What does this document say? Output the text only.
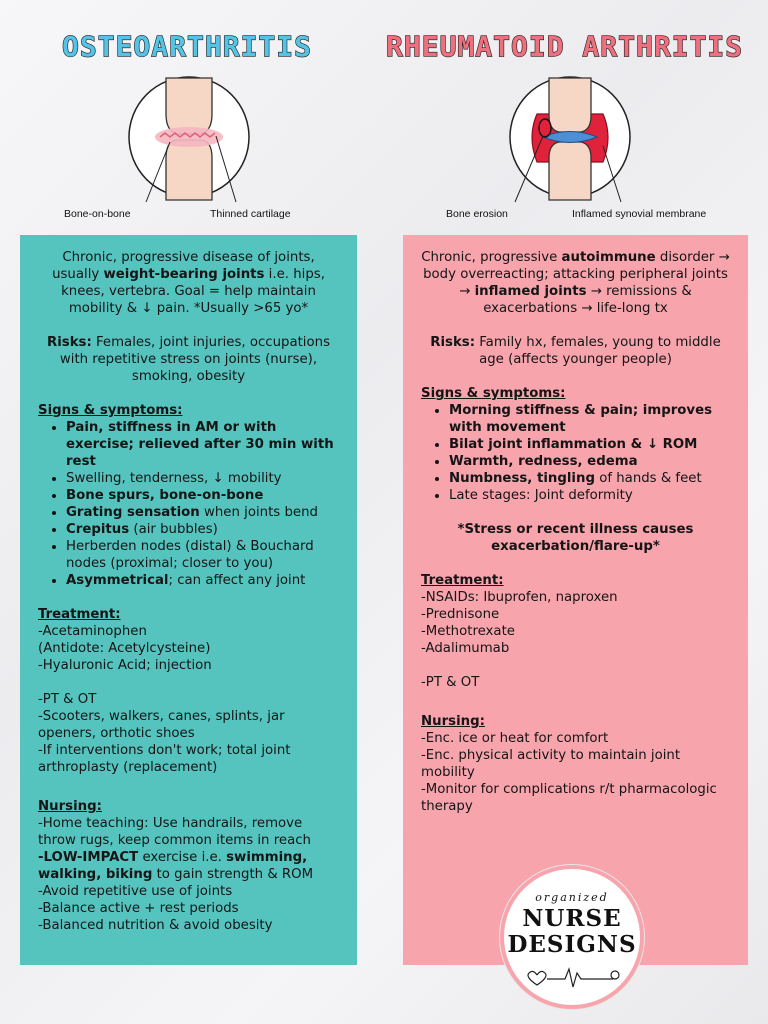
OSTEOARTHRITIS	RHEUMATOID ARTHRITIS

Bone-on-bone	Thinned cartilage	Bone erosion	Inflamed synovial membrane

Chronic, progressive disease of joints, usually weight-bearing joints i.e. hips, knees, vertebra. Goal = help maintain mobility & ↓ pain. *Usually >65 yo*

Risks: Females, joint injuries, occupations with repetitive stress on joints (nurse), smoking, obesity

Signs & symptoms:

• Pain, stiffness in AM or with exercise; relieved after 30 min with rest
• Swelling, tenderness, ↓ mobility
• Bone spurs, bone-on-bone
• Grating sensation when joints bend
• Crepitus (air bubbles)
• Herberden nodes (distal) & Bouchard nodes (proximal; closer to you)
• Asymmetrical; can affect any joint

Treatment:

-Acetaminophen

(Antidote: Acetylcysteine)

-Hyaluronic Acid; injection

-PT & OT

-Scooters, walkers, canes, splints, jar openers, orthotic shoes

-If interventions don't work; total joint arthroplasty (replacement)

Nursing:

-Home teaching: Use handrails, remove throw rugs, keep common items in reach

-LOW-IMPACT exercise i.e. swimming, walking, biking to gain strength & ROM

-Avoid repetitive use of joints

-Balance active + rest periods

-Balanced nutrition & avoid obesity

Chronic, progressive autoimmune disorder → body overreacting; attacking peripheral joints → inflamed joints → remissions & exacerbations → life-long tx

Risks: Family hx, females, young to middle age (affects younger people)

Signs & symptoms:

• Morning stiffness & pain; improves with movement
• Bilat joint inflammation & ↓ ROM
• Warmth, redness, edema
• Numbness, tingling of hands & feet
• Late stages: Joint deformity

*Stress or recent illness causes exacerbation/flare-up*

Treatment:

-NSAIDs: Ibuprofen, naproxen

-Prednisone

-Methotrexate

-Adalimumab

-PT & OT

Nursing:

-Enc. ice or heat for comfort

-Enc. physical activity to maintain joint mobility

-Monitor for complications r/t pharmacologic therapy

organized
NURSE
DESIGNS
